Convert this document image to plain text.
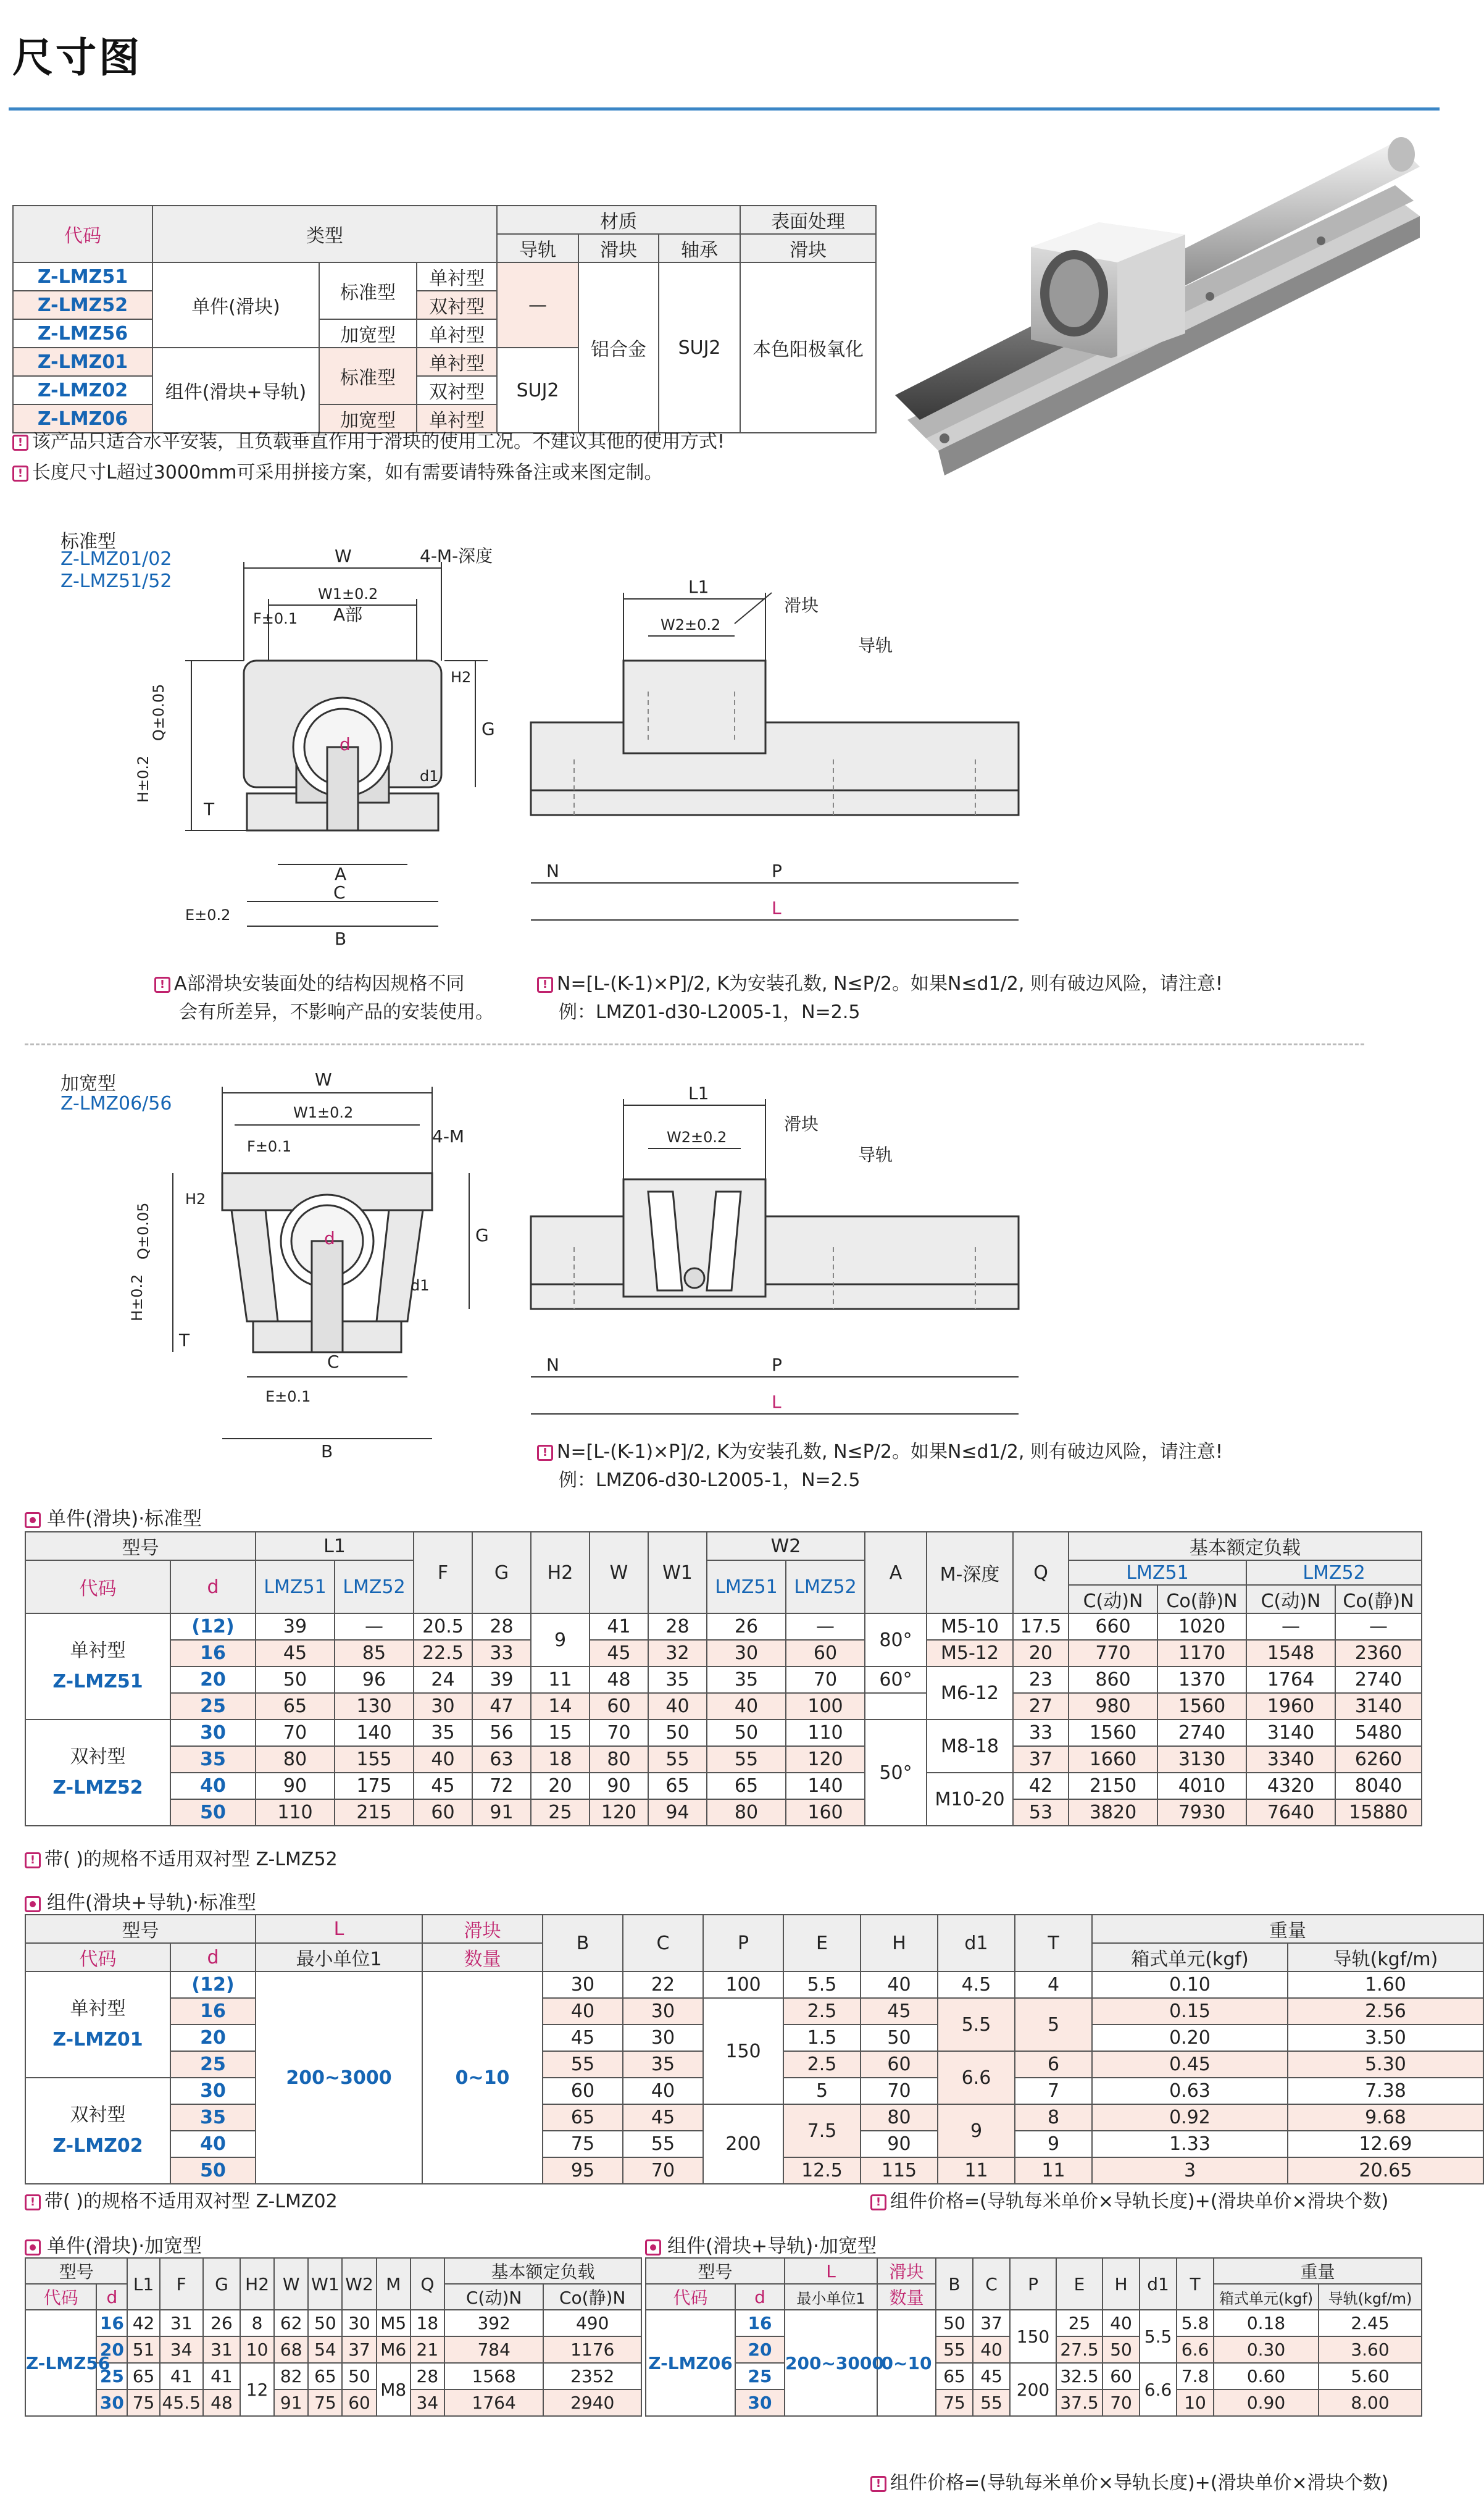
尺寸图
代码	类型			材质			表面处理
				导轨	滑块	轴承	滑块
Z-LMZ51	单件(滑块)	标准型	单衬型	—	铝合金	SUJ2	本色阳极氧化
Z-LMZ52			双衬型				
Z-LMZ56		加宽型	单衬型				
Z-LMZ01	组件(滑块+导轨)	标准型	单衬型	SUJ2			
Z-LMZ02			双衬型				
Z-LMZ06		加宽型	单衬型				
! 该产品只适合水平安装，且负载垂直作用于滑块的使用工况。不建议其他的使用方式!
! 长度尺寸L超过3000mm可采用拼接方案，如有需要请特殊备注或来图定制。
标准型
Z-LMZ01/02
Z-LMZ51/52
W
W1±0.2
F±0.1 A部
4-M-深度
H2
G
Q±0.05
H±0.2
d
d1
T
A
C
E±0.2
B
L1
W2±0.2
滑块
导轨
N	P
L
! A部滑块安装面处的结构因规格不同
会有所差异，不影响产品的安装使用。
! N=[L-(K-1)×P]/2, K为安装孔数, N≤P/2。如果N≤d1/2, 则有破边风险，请注意!
例：LMZ01-d30-L2005-1，N=2.5
加宽型
Z-LMZ06/56
W
W1±0.2
F±0.1	4-M
H2
G
Q±0.05
H±0.2
d
d1
T
C
E±0.1
B
L1
W2±0.2
滑块
导轨
N	P
L
! N=[L-(K-1)×P]/2, K为安装孔数, N≤P/2。如果N≤d1/2, 则有破边风险，请注意!
例：LMZ06-d30-L2005-1，N=2.5
单件(滑块)·标准型
型号		L1		F	G	H2	W	W1	W2		A	M-深度	Q	基本额定负载			
代码	d	LMZ51	LMZ52						LMZ51	LMZ52				LMZ51		LMZ52	
														C(动)N	Co(静)N	C(动)N	Co(静)N

单衬型
Z-LMZ51	(12)	39	—	20.5	28	9	41	28	26	—	80°	M5-10	17.5	660	1020	—	—
	16	45	85	22.5	33		45	32	30	60		M5-12	20	770	1170	1548	2360
	20	50	96	24	39	11	48	35	35	70	60°	M6-12	23	860	1370	1764	2740
	25	65	130	30	47	14	60	40	40	100			27	980	1560	1960	3140

双衬型
Z-LMZ52	30	70	140	35	56	15	70	50	50	110	50°	M8-18	33	1560	2740	3140	5480
	35	80	155	40	63	18	80	55	55	120			37	1660	3130	3340	6260
	40	90	175	45	72	20	90	65	65	140		M10-20	42	2150	4010	4320	8040
	50	110	215	60	91	25	120	94	80	160			53	3820	7930	7640	15880
! 带( )的规格不适用双衬型 Z-LMZ52
组件(滑块+导轨)·标准型
型号		L	滑块	B	C	P	E	H	d1	T	重量	
代码	d	最小单位1	数量								箱式单元(kgf)	导轨(kgf/m)

单衬型
Z-LMZ01	(12)	200~3000	0~10	30	22	100	5.5	40	4.5	4	0.10	1.60
	16			40	30	150	2.5	45	5.5	5	0.15	2.56
	20			45	30		1.5	50			0.20	3.50
	25			55	35		2.5	60	6.6	6	0.45	5.30

双衬型
Z-LMZ02	30			60	40		5	70		7	0.63	7.38
	35			65	45	200	7.5	80	9	8	0.92	9.68
	40			75	55			90		9	1.33	12.69
	50			95	70		12.5	115	11	11	3	20.65
! 带( )的规格不适用双衬型 Z-LMZ02	! 组件价格=(导轨每米单价×导轨长度)+(滑块单价×滑块个数)
单件(滑块)·加宽型
型号		L1	F	G	H2	W	W1	W2	M	Q	基本额定负载	
代码	d										C(动)N	Co(静)N
Z-LMZ56	16	42	31	26	8	62	50	30	M5	18	392	490
	20	51	34	31	10	68	54	37	M6	21	784	1176
	25	65	41	41	12	82	65	50	M8	28	1568	2352
	30	75	45.5	48		91	75	60		34	1764	2940
组件(滑块+导轨)·加宽型
型号		L	滑块	B	C	P	E	H	d1	T	重量	
代码	d	最小单位1	数量								箱式单元(kgf)	导轨(kgf/m)
Z-LMZ06	16	200~3000	0~10	50	37	150	25	40	5.5	5.8	0.18	2.45
	20			55	40		27.5	50		6.6	0.30	3.60
	25			65	45	200	32.5	60	6.6	7.8	0.60	5.60
	30			75	55		37.5	70		10	0.90	8.00
! 组件价格=(导轨每米单价×导轨长度)+(滑块单价×滑块个数)
